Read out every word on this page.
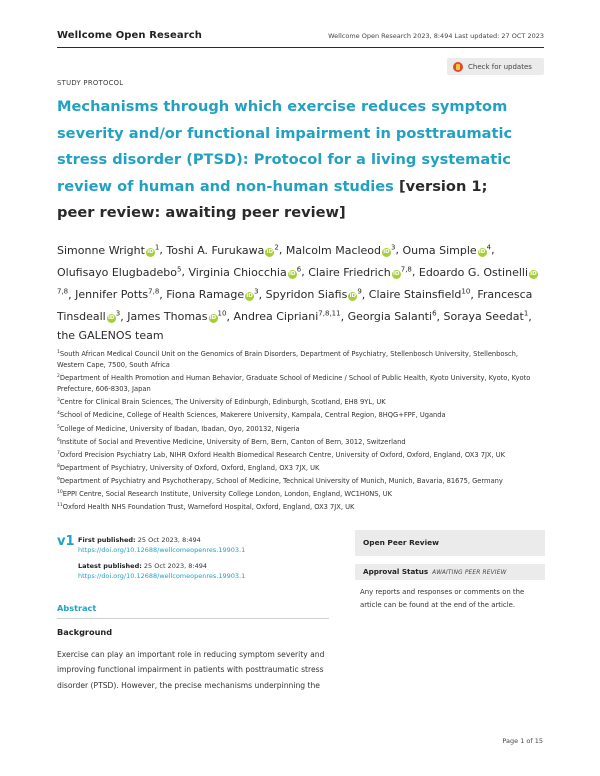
Wellcome Open Research	Wellcome Open Research 2023, 8:494 Last updated: 27 OCT 2023
STUDY PROTOCOL
Check for updates
Mechanisms through which exercise reduces symptom severity and/or functional impairment in posttraumatic stress disorder (PTSD): Protocol for a living systematic review of human and non-human studies [version 1; peer review: awaiting peer review]
Simonne Wright $iD^1$, Toshi A. Furukawa $iD^2$, Malcolm Macleod $iD^3$, Ouma Simple $iD^4$, Olufisayo Elugbadebo$^5$, Virginia Chiocchia $iD^6$, Claire Friedrich iD$^{7,8}$, Edoardo G. Ostinelli iD$^{7,8}$, Jennifer Potts$^{7,8}$, Fiona Ramage $iD^3$, Spyridon Siafis $iD^9$, Claire Stainsfield$^{10}$, Francesca Tinsdeall $iD^3$, James Thomas $iD^{10}$, Andrea Cipriani$^{7,8,11}$, Georgia Salanti$^6$, Soraya Seedat$^1$, the GALENOS team
$^1$South African Medical Council Unit on the Genomics of Brain Disorders, Department of Psychiatry, Stellenbosch University, Stellenbosch, Western Cape, 7500, South Africa
$^2$Department of Health Promotion and Human Behavior, Graduate School of Medicine / School of Public Health, Kyoto University, Kyoto, Kyoto Prefecture, 606-8303, Japan
$^3$Centre for Clinical Brain Sciences, The University of Edinburgh, Edinburgh, Scotland, EH8 9YL, UK
$^4$School of Medicine, College of Health Sciences, Makerere University, Kampala, Central Region, 8HQG+FPF, Uganda
$^5$College of Medicine, University of Ibadan, Ibadan, Oyo, 200132, Nigeria
$^6$Institute of Social and Preventive Medicine, University of Bern, Bern, Canton of Bern, 3012, Switzerland
$^7$Oxford Precision Psychiatry Lab, NIHR Oxford Health Biomedical Research Centre, University of Oxford, Oxford, England, OX3 7JX, UK
$^8$Department of Psychiatry, University of Oxford, Oxford, England, OX3 7JX, UK
$^9$Department of Psychiatry and Psychotherapy, School of Medicine, Technical University of Munich, Munich, Bavaria, 81675, Germany
$^{10}$EPPI Centre, Social Research Institute, University College London, London, England, WC1H0NS, UK
$^{11}$Oxford Health NHS Foundation Trust, Warneford Hospital, Oxford, England, OX3 7JX, UK
v1 First published: 25 Oct 2023, 8:494
https://doi.org/10.12688/wellcomeopenres.19903.1
Latest published: 25 Oct 2023, 8:494
https://doi.org/10.12688/wellcomeopenres.19903.1
Abstract
Background
Exercise can play an important role in reducing symptom severity and improving functional impairment in patients with posttraumatic stress disorder (PTSD). However, the precise mechanisms underpinning the
Open Peer Review
Approval Status AWAITING PEER REVIEW
Any reports and responses or comments on the article can be found at the end of the article.
Page 1 of 15
